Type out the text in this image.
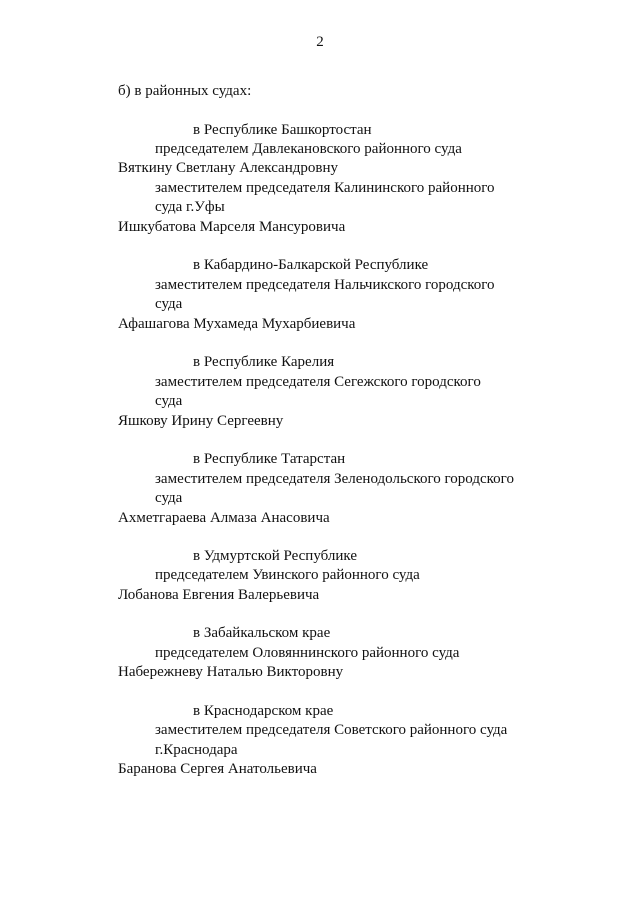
2
б) в районных судах:
в Республике Башкортостан
председателем Давлекановского районного суда
Вяткину Светлану Александровну
заместителем председателя Калининского районного
суда г.Уфы
Ишкубатова Марселя Мансуровича
в Кабардино-Балкарской Республике
заместителем председателя Нальчикского городского
суда
Афашагова Мухамеда Мухарбиевича
в Республике Карелия
заместителем председателя Сегежского городского
суда
Яшкову Ирину Сергеевну
в Республике Татарстан
заместителем председателя Зеленодольского городского
суда
Ахметгараева Алмаза Анасовича
в Удмуртской Республике
председателем Увинского районного суда
Лобанова Евгения Валерьевича
в Забайкальском крае
председателем Оловяннинского районного суда
Набережневу Наталью Викторовну
в Краснодарском крае
заместителем председателя Советского районного суда
г.Краснодара
Баранова Сергея Анатольевича
